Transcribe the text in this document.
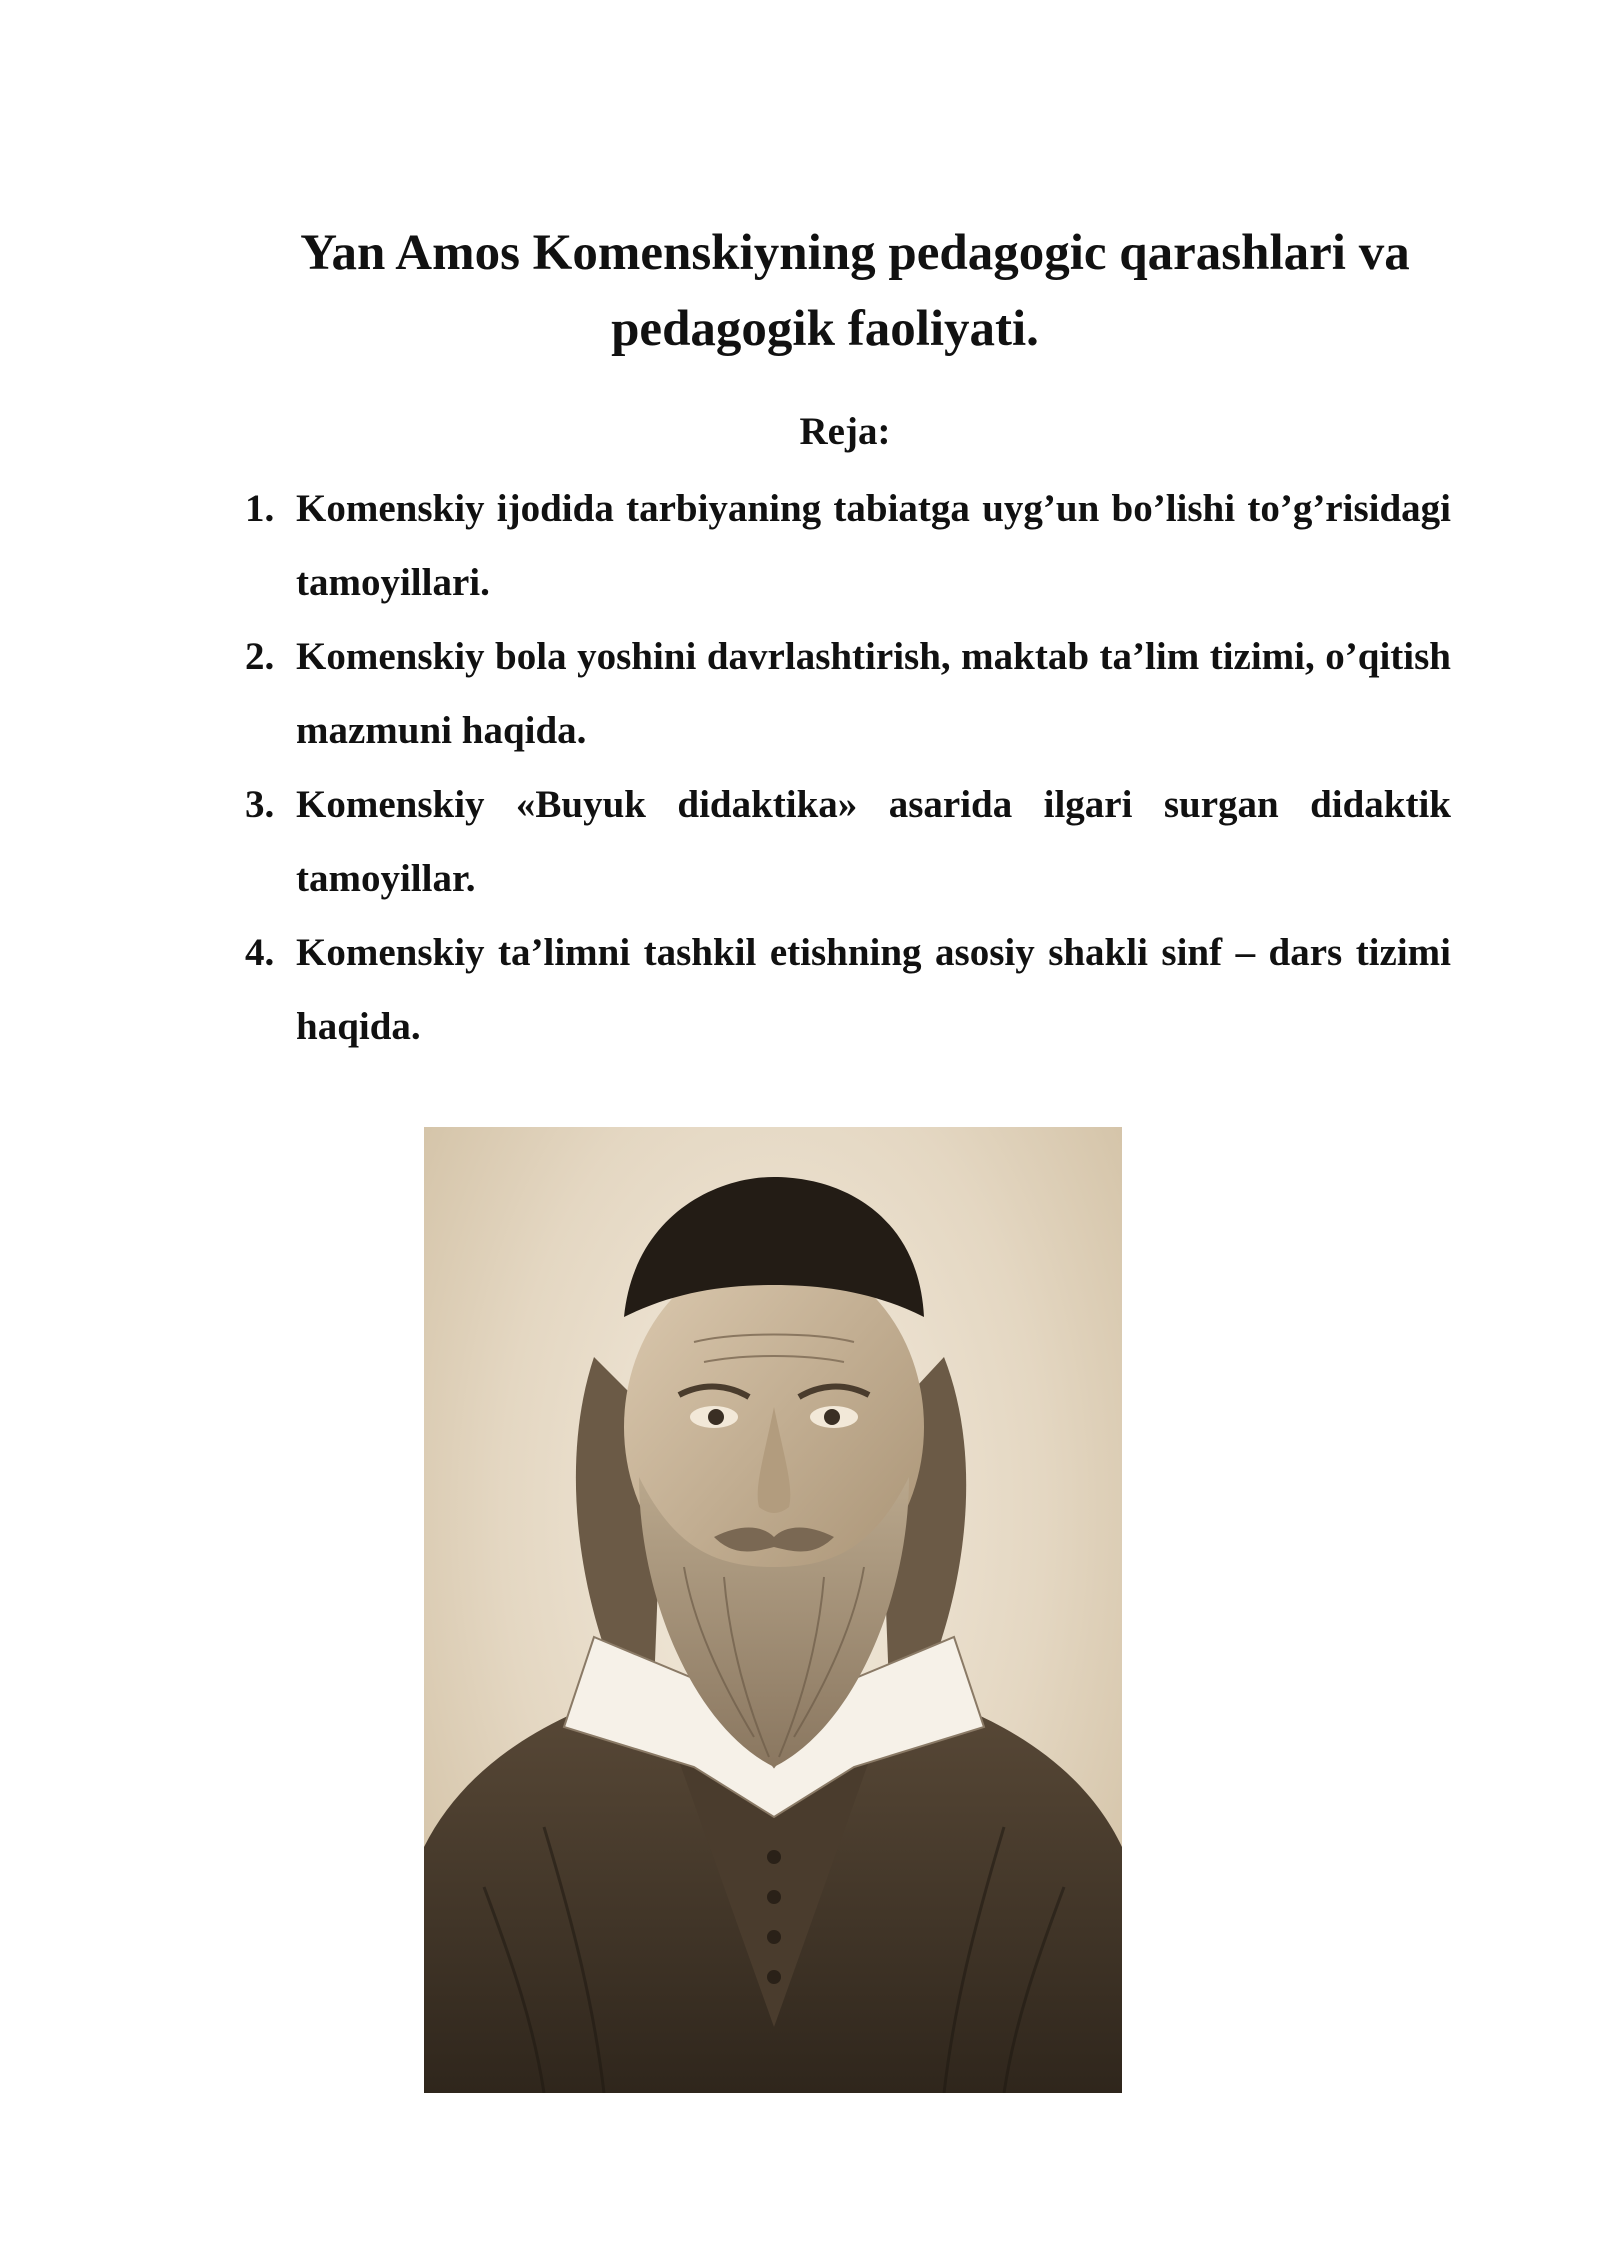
Yan Amos Komenskiyning pedagogic qarashlari va
pedagogik faoliyati.
Reja:
1. Komenskiy ijodida tarbiyaning tabiatga uyg’un bo’lishi to’g’risidagi tamoyillari.
2. Komenskiy bola yoshini davrlashtirish, maktab ta’lim tizimi, o’qitish mazmuni haqida.
3. Komenskiy «Buyuk didaktika» asarida ilgari surgan didaktik tamoyillar.
4. Komenskiy ta’limni tashkil etishning asosiy shakli sinf – dars tizimi haqida.
